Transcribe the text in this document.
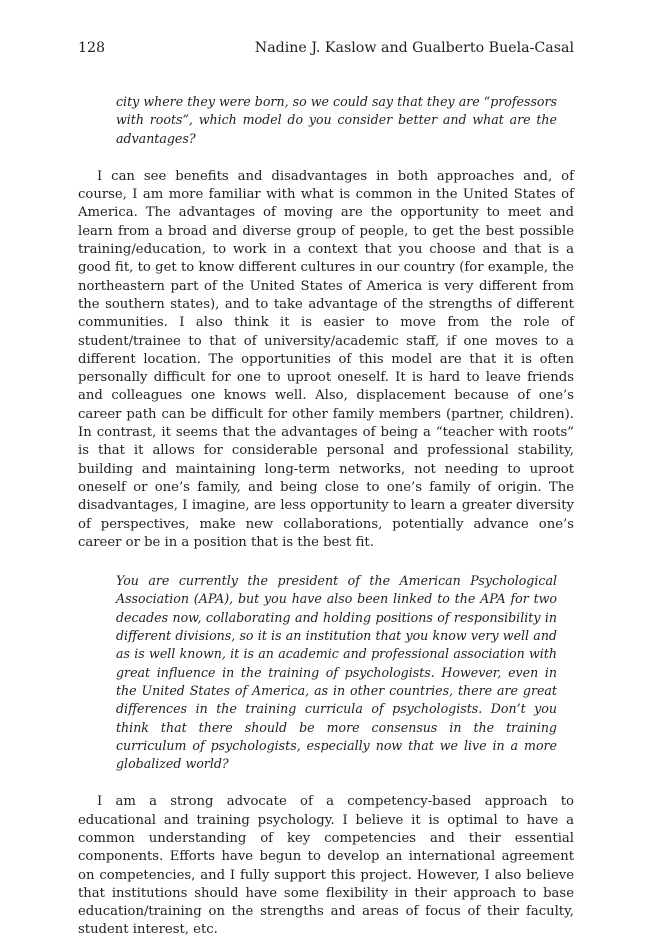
128	Nadine J. Kaslow and Gualberto Buela-Casal

city where they were born, so we could say that they are “professors with roots”, which model do you consider better and what are the advantages?

I can see benefits and disadvantages in both approaches and, of course, I am more familiar with what is common in the United States of America. The advantages of moving are the opportunity to meet and learn from a broad and diverse group of people, to get the best possible training/education, to work in a context that you choose and that is a good fit, to get to know different cultures in our country (for example, the northeastern part of the United States of America is very different from the southern states), and to take advantage of the strengths of different communities. I also think it is easier to move from the role of student/trainee to that of university/academic staff, if one moves to a different location. The opportunities of this model are that it is often personally difficult for one to uproot oneself. It is hard to leave friends and colleagues one knows well. Also, displacement because of one’s career path can be difficult for other family members (partner, children). In contrast, it seems that the advantages of being a “teacher with roots” is that it allows for considerable personal and professional stability, building and maintaining long-term networks, not needing to uproot oneself or one’s family, and being close to one’s family of origin. The disadvantages, I imagine, are less opportunity to learn a greater diversity of perspectives, make new collaborations, potentially advance one’s career or be in a position that is the best fit.

You are currently the president of the American Psychological Association (APA), but you have also been linked to the APA for two decades now, collaborating and holding positions of responsibility in different divisions, so it is an institution that you know very well and as is well known, it is an academic and professional association with great influence in the training of psychologists. However, even in the United States of America, as in other countries, there are great differences in the training curricula of psychologists. Don’t you think that there should be more consensus in the training curriculum of psychologists, especially now that we live in a more globalized world?

I am a strong advocate of a competency-based approach to educational and training psychology. I believe it is optimal to have a common understanding of key competencies and their essential components. Efforts have begun to develop an international agreement on competencies, and I fully support this project. However, I also believe that institutions should have some flexibility in their approach to base education/training on the strengths and areas of focus of their faculty, student interest, etc.
